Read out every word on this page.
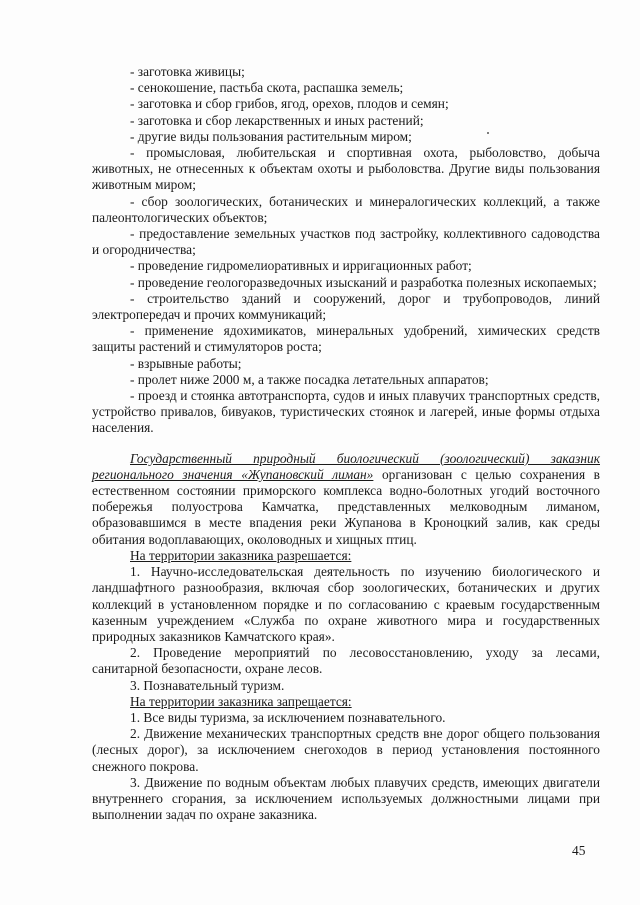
- заготовка живицы;

- сенокошение, пастьба скота, распашка земель;

- заготовка и сбор грибов, ягод, орехов, плодов и семян;

- заготовка и сбор лекарственных и иных растений;

- другие виды пользования растительным миром;

- промысловая, любительская и спортивная охота, рыболовство, добыча животных, не отнесенных к объектам охоты и рыболовства. Другие виды пользования животным миром;

- сбор зоологических, ботанических и минералогических коллекций, а также палеонтологических объектов;

- предоставление земельных участков под застройку, коллективного садоводства и огородничества;

- проведение гидромелиоративных и ирригационных работ;

- проведение геологоразведочных изысканий и разработка полезных ископаемых;

- строительство зданий и сооружений, дорог и трубопроводов, линий электропередач и прочих коммуникаций;

- применение ядохимикатов, минеральных удобрений, химических средств защиты растений и стимуляторов роста;

- взрывные работы;

- пролет ниже 2000 м, а также посадка летательных аппаратов;

- проезд и стоянка автотранспорта, судов и иных плавучих транспортных средств, устройство привалов, бивуаков, туристических стоянок и лагерей, иные формы отдыха населения.

Государственный природный биологический (зоологический) заказник регионального значения «Жупановский лиман» организован с целью сохранения в естественном состоянии приморского комплекса водно-болотных угодий восточного побережья полуострова Камчатка, представленных мелководным лиманом, образовавшимся в месте впадения реки Жупанова в Кроноцкий залив, как среды обитания водоплавающих, околоводных и хищных птиц.

На территории заказника разрешается:

1. Научно-исследовательская деятельность по изучению биологического и ландшафтного разнообразия, включая сбор зоологических, ботанических и других коллекций в установленном порядке и по согласованию с краевым государственным казенным учреждением «Служба по охране животного мира и государственных природных заказников Камчатского края».

2. Проведение мероприятий по лесовосстановлению, уходу за лесами, санитарной безопасности, охране лесов.

3. Познавательный туризм.

На территории заказника запрещается:

1. Все виды туризма, за исключением познавательного.

2. Движение механических транспортных средств вне дорог общего пользования (лесных дорог), за исключением снегоходов в период установления постоянного снежного покрова.

3. Движение по водным объектам любых плавучих средств, имеющих двигатели внутреннего сгорания, за исключением используемых должностными лицами при выполнении задач по охране заказника.

45
